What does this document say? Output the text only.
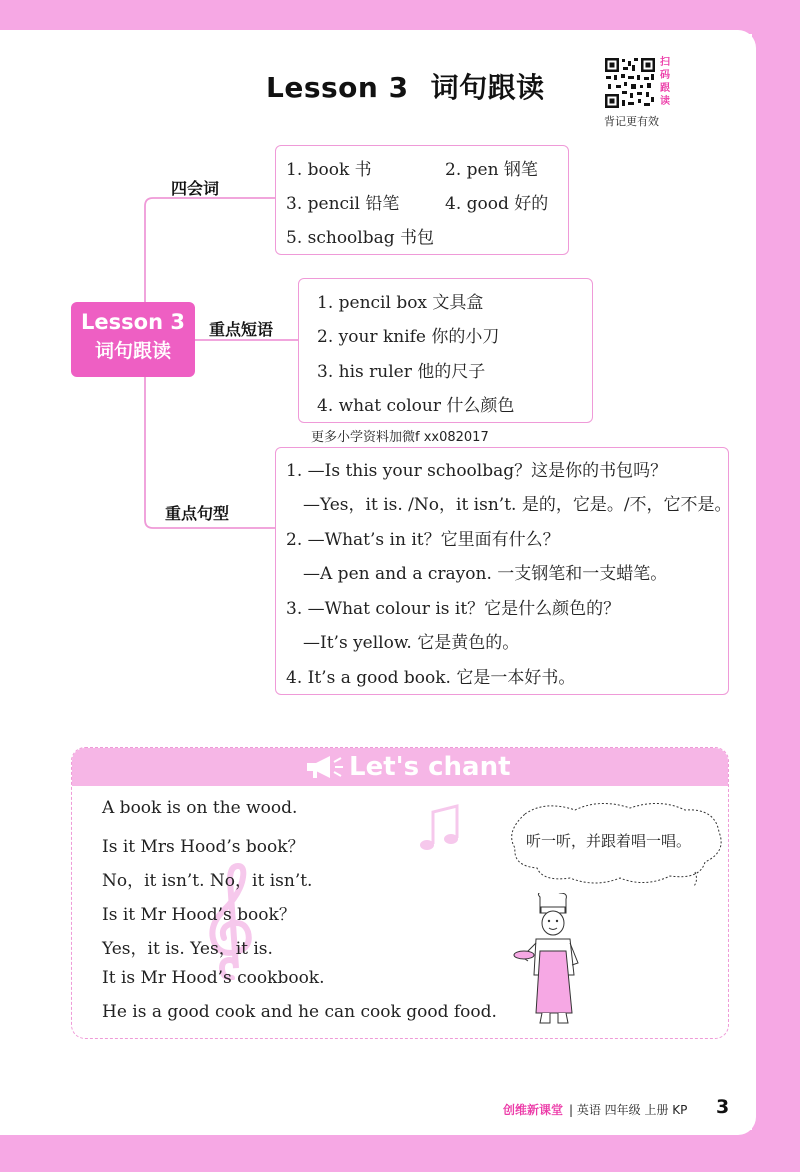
Lesson 3 词句跟读
扫
码
跟
读
背记更有效
Lesson 3
词句跟读
四会词
1. book 书	2. pen 钢笔
3. pencil 铅笔	4. good 好的
5. schoolbag 书包
重点短语
1. pencil box 文具盒
2. your knife 你的小刀
3. his ruler 他的尺子
4. what colour 什么颜色
更多小学资料加微f xx082017
重点句型
1. —Is this your schoolbag？这是你的书包吗？
—Yes，it is. /No，it isn’t. 是的，它是。/不，它不是。
2. —What’s in it？它里面有什么？
—A pen and a crayon. 一支钢笔和一支蜡笔。
3. —What colour is it？它是什么颜色的？
—It’s yellow. 它是黄色的。
4. It’s a good book. 它是一本好书。
Let's chant
A book is on the wood.
Is it Mrs Hood’s book？
No，it isn’t. No，it isn’t.
Is it Mr Hood’s book？
Yes，it is. Yes，it is.
It is Mr Hood’s cookbook.
He is a good cook and he can cook good food.
听一听，并跟着唱一唱。
创维新课堂 | 英语 四年级 上册 KP 3
